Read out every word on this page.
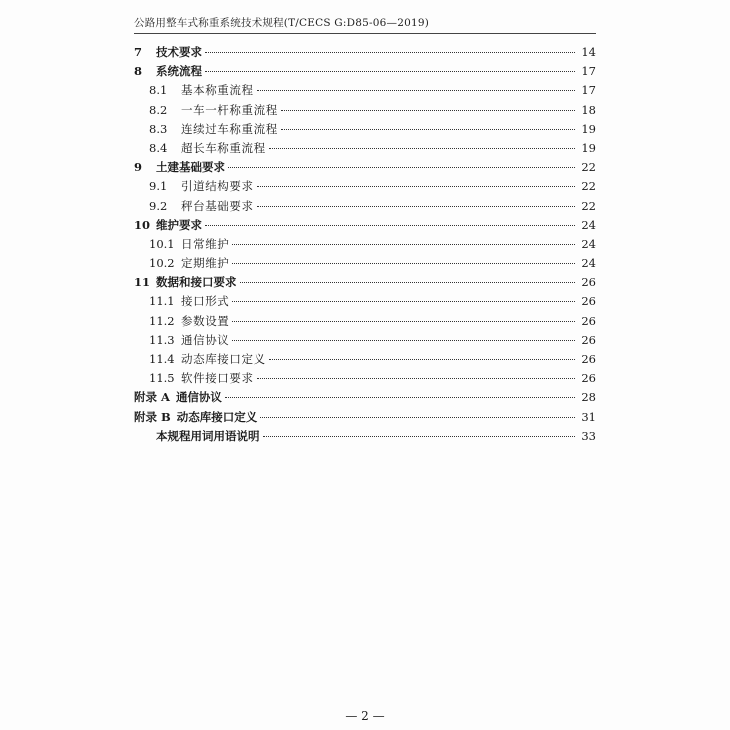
公路用整车式称重系统技术规程(T/CECS G:D85-06—2019)
7	技术要求	14
8	系统流程	17
8.1	基本称重流程	17
8.2	一车一杆称重流程	18
8.3	连续过车称重流程	19
8.4	超长车称重流程	19
9	土建基础要求	22
9.1	引道结构要求	22
9.2	秤台基础要求	22
10 维护要求	24
10.1 日常维护	24
10.2 定期维护	24
11 数据和接口要求	26
11.1 接口形式	26
11.2 参数设置	26
11.3 通信协议	26
11.4 动态库接口定义	26
11.5 软件接口要求	26
附录 A 通信协议	28
附录 B 动态库接口定义	31
本规程用词用语说明	33
— 2 —
